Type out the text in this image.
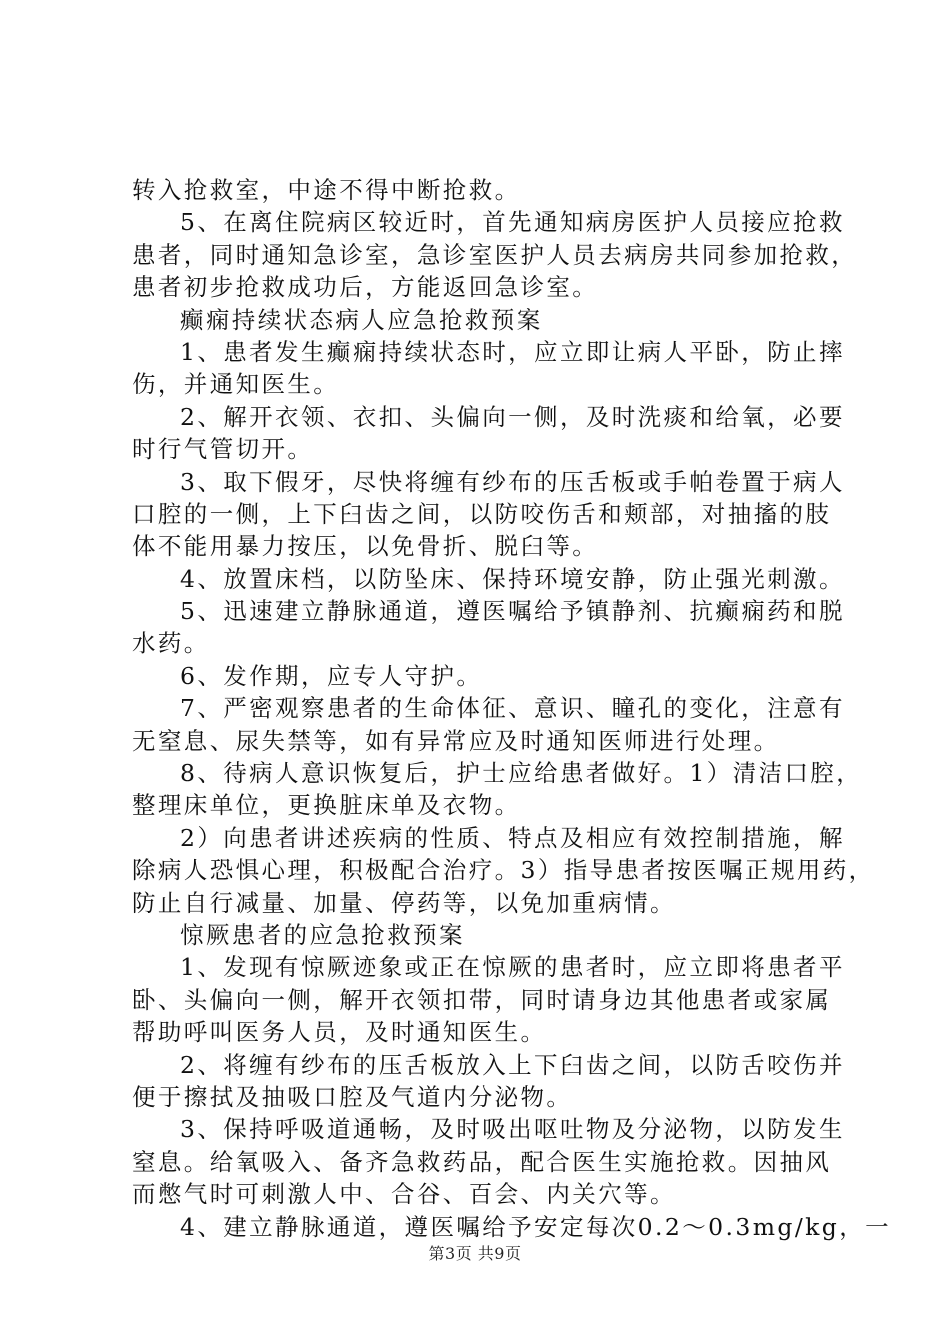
转入抢救室，中途不得中断抢救。
5、在离住院病区较近时，首先通知病房医护人员接应抢救
患者，同时通知急诊室，急诊室医护人员去病房共同参加抢救，
患者初步抢救成功后，方能返回急诊室。
癫痫持续状态病人应急抢救预案
1、患者发生癫痫持续状态时，应立即让病人平卧，防止摔
伤，并通知医生。
2、解开衣领、衣扣、头偏向一侧，及时洗痰和给氧，必要
时行气管切开。
3、取下假牙，尽快将缠有纱布的压舌板或手帕卷置于病人
口腔的一侧，上下臼齿之间，以防咬伤舌和颊部，对抽搐的肢
体不能用暴力按压，以免骨折、脱臼等。
4、放置床档，以防坠床、保持环境安静，防止强光刺激。
5、迅速建立静脉通道，遵医嘱给予镇静剂、抗癫痫药和脱
水药。
6、发作期，应专人守护。
7、严密观察患者的生命体征、意识、瞳孔的变化，注意有
无窒息、尿失禁等，如有异常应及时通知医师进行处理。
8、待病人意识恢复后，护士应给患者做好。1）清洁口腔，
整理床单位，更换脏床单及衣物。
2）向患者讲述疾病的性质、特点及相应有效控制措施，解
除病人恐惧心理，积极配合治疗。3）指导患者按医嘱正规用药，
防止自行减量、加量、停药等，以免加重病情。
惊厥患者的应急抢救预案
1、发现有惊厥迹象或正在惊厥的患者时，应立即将患者平
卧、头偏向一侧，解开衣领扣带，同时请身边其他患者或家属
帮助呼叫医务人员，及时通知医生。
2、将缠有纱布的压舌板放入上下臼齿之间，以防舌咬伤并
便于擦拭及抽吸口腔及气道内分泌物。
3、保持呼吸道通畅，及时吸出呕吐物及分泌物，以防发生
窒息。给氧吸入、备齐急救药品，配合医生实施抢救。因抽风
而憋气时可刺激人中、合谷、百会、内关穴等。
4、建立静脉通道，遵医嘱给予安定每次0.2～0.3mg/kg，一
第3页 共9页
